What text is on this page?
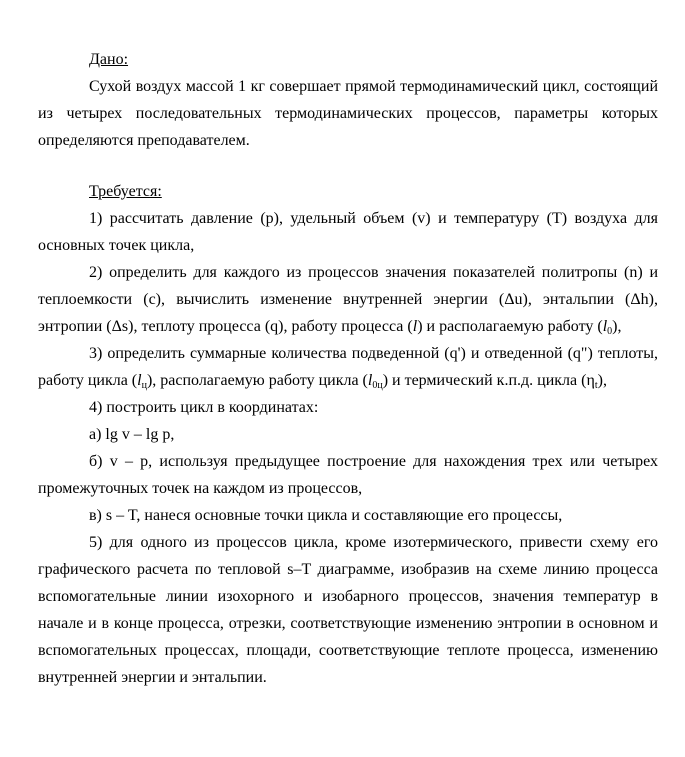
Дано:
Сухой воздух массой 1 кг совершает прямой термодинамический цикл, состоящий
из четырех последовательных термодинамических процессов, параметры которых
определяются преподавателем.
Требуется:
1) рассчитать давление (p), удельный объем (v) и температуру (T) воздуха для
основных точек цикла,
2) определить для каждого из процессов значения показателей политропы (n) и
теплоемкости (c), вычислить изменение внутренней энергии (Δu), энтальпии (Δh),
энтропии (Δs), теплоту процесса (q), работу процесса (l) и располагаемую работу $(l_0)$,
3) определить суммарные количества подведенной (q') и отведенной (q") теплоты,
работу цикла $(l_ц)$, располагаемую работу цикла $(l_{0ц})$ и термический к.п.д. цикла $(\eta_t)$,
4) построить цикл в координатах:
а) lg v – lg p,
б) v – p, используя предыдущее построение для нахождения трех или четырех
промежуточных точек на каждом из процессов,
в) s – T, нанеся основные точки цикла и составляющие его процессы,
5) для одного из процессов цикла, кроме изотермического, привести схему его
графического расчета по тепловой s–T диаграмме, изобразив на схеме линию процесса
вспомогательные линии изохорного и изобарного процессов, значения температур в
начале и в конце процесса, отрезки, соответствующие изменению энтропии в основном и
вспомогательных процессах, площади, соответствующие теплоте процесса, изменению
внутренней энергии и энтальпии.
